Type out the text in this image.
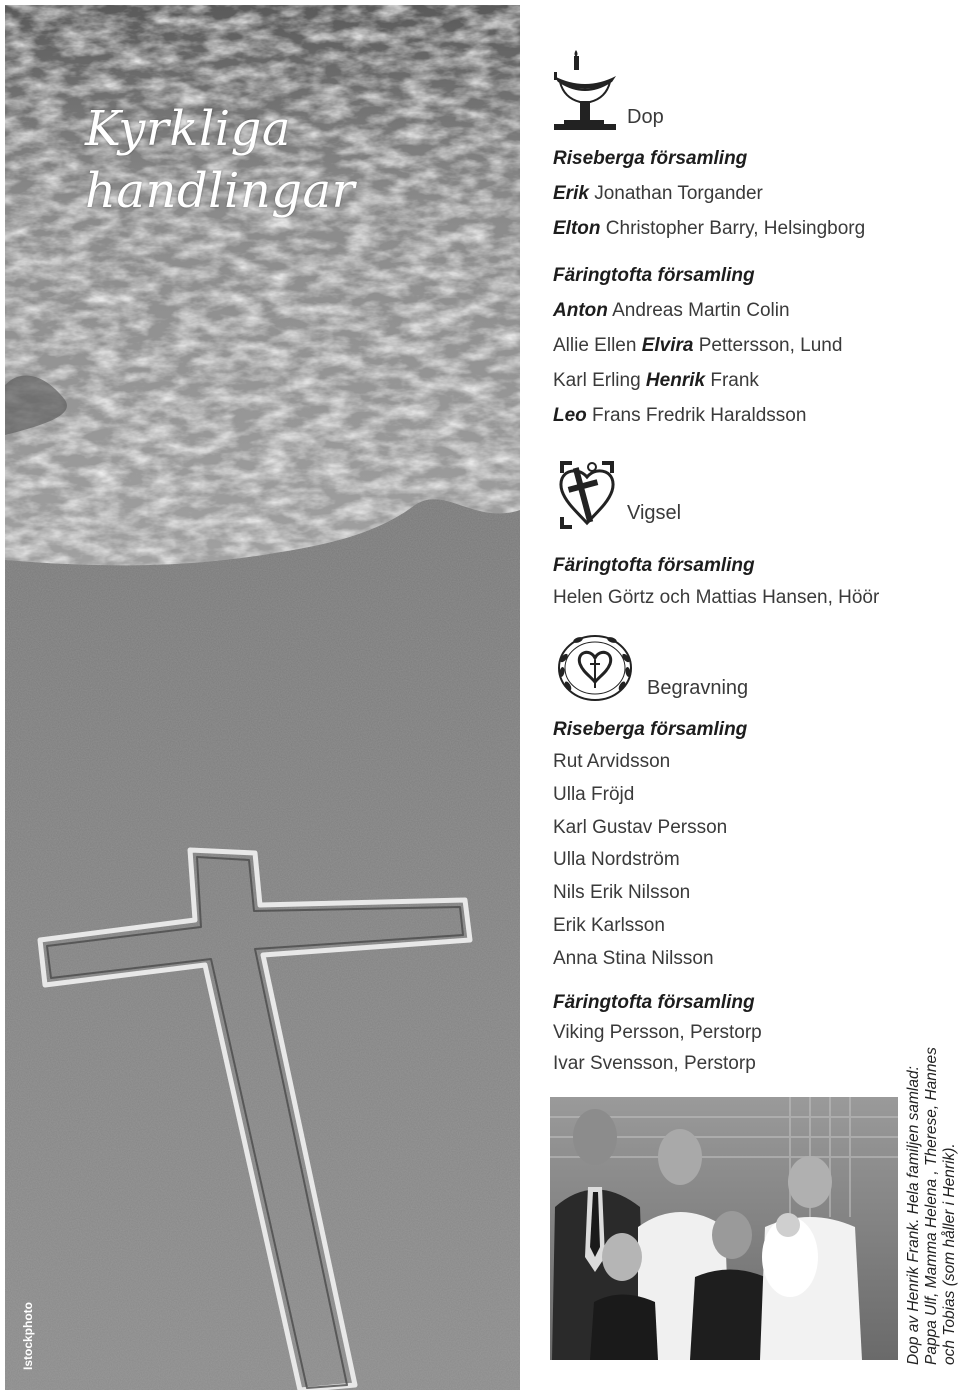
Kyrkliga
handlingar
Istockphoto
Dop
Vigsel
Begravning
Riseberga församling
Erik Jonathan Torgander
Elton Christopher Barry, Helsingborg
Färingtofta församling
Anton Andreas Martin Colin
Allie Ellen Elvira Pettersson, Lund
Karl Erling Henrik Frank
Leo Frans Fredrik Haraldsson
Färingtofta församling
Helen Görtz och Mattias Hansen, Höör
Riseberga församling
Rut Arvidsson
Ulla Fröjd
Karl Gustav Persson
Ulla Nordström
Nils Erik Nilsson
Erik Karlsson
Anna Stina Nilsson
Färingtofta församling
Viking Persson, Perstorp
Ivar Svensson, Perstorp
Dop av Henrik Frank. Hela familjen samlad: Pappa Ulf, Mamma Helena , Therese, Hannes och Tobias (som håller i Henrik).
